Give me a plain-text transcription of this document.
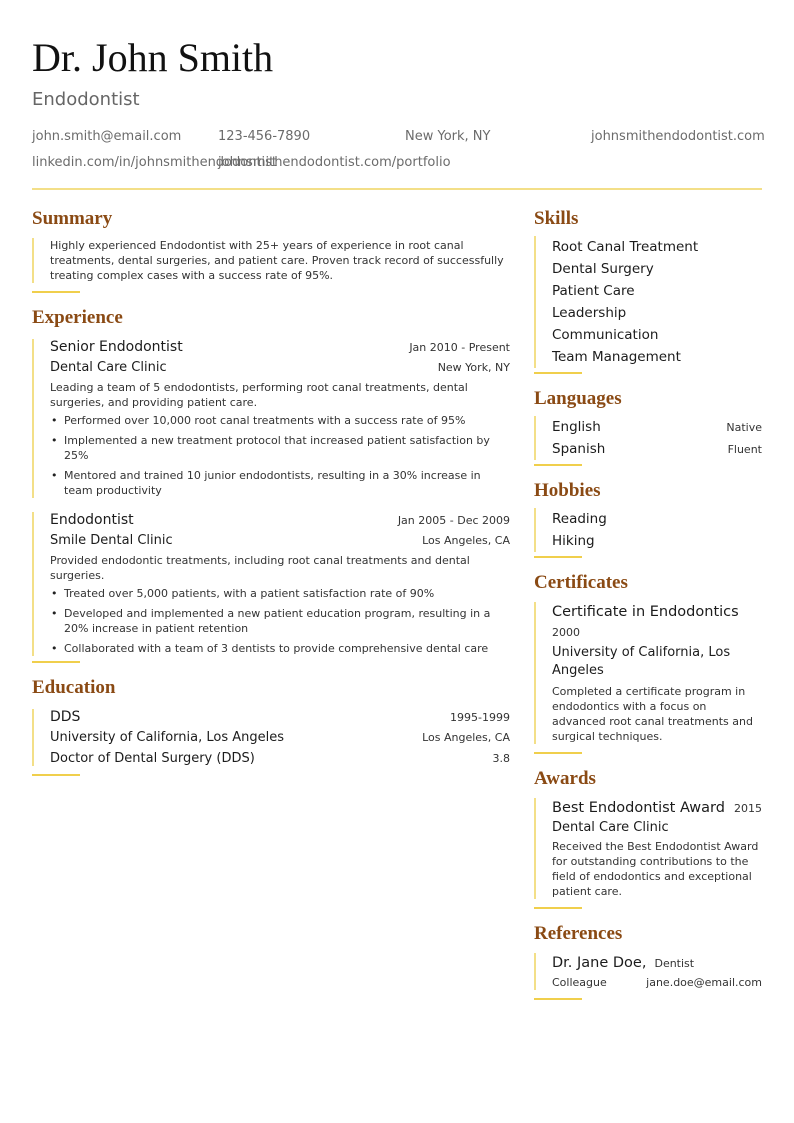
Dr. John Smith
Endodontist
john.smith@email.com	123-456-7890	New York, NY	johnsmithendodontist.com
linkedin.com/in/johnsmithendodontist
johnsmithendodontist.com/portfolio
Summary

Highly experienced Endodontist with 25+ years of experience in root canal treatments, dental surgeries, and patient care. Proven track record of successfully treating complex cases with a success rate of 95%.

Experience
Senior Endodontist	Jan 2010 - Present
Dental Care Clinic	New York, NY

Leading a team of 5 endodontists, performing root canal treatments, dental surgeries, and providing patient care.

• Performed over 10,000 root canal treatments with a success rate of 95%
• Implemented a new treatment protocol that increased patient satisfaction by 25%
• Mentored and trained 10 junior endodontists, resulting in a 30% increase in team productivity
Endodontist	Jan 2005 - Dec 2009
Smile Dental Clinic	Los Angeles, CA

Provided endodontic treatments, including root canal treatments and dental surgeries.

• Treated over 5,000 patients, with a patient satisfaction rate of 90%
• Developed and implemented a new patient education program, resulting in a 20% increase in patient retention
• Collaborated with a team of 3 dentists to provide comprehensive dental care
Education
DDS	1995-1999
University of California, Los Angeles	Los Angeles, CA
Doctor of Dental Surgery (DDS)	3.8
Skills
Root Canal Treatment
Dental Surgery
Patient Care
Leadership
Communication
Team Management
Languages
English	Native
Spanish	Fluent
Hobbies
Reading
Hiking
Certificates
Certificate in Endodontics
2000
University of California, Los Angeles

Completed a certificate program in endodontics with a focus on advanced root canal treatments and surgical techniques.

Awards
Best Endodontist Award 2015
Dental Care Clinic

Received the Best Endodontist Award for outstanding contributions to the field of endodontics and exceptional patient care.

References
Dr. Jane Doe, Dentist
Colleague	jane.doe@email.com
